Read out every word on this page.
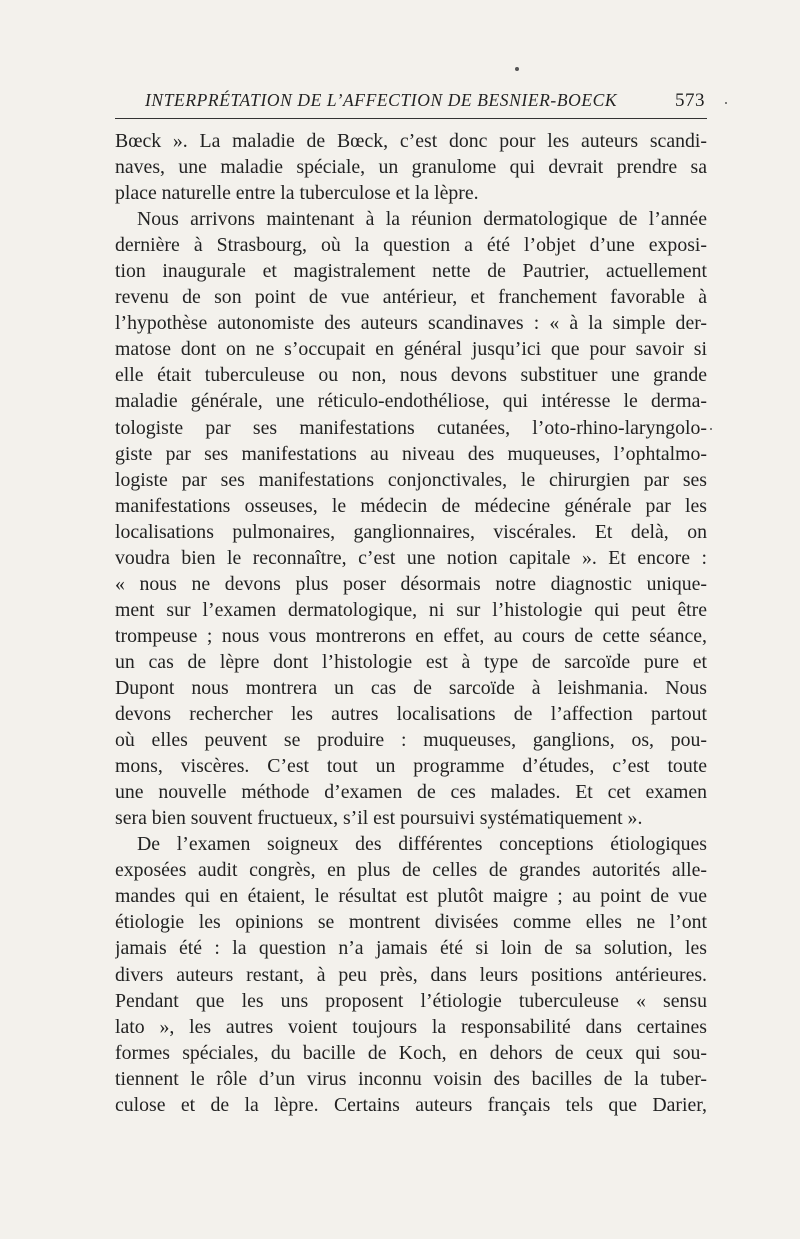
INTERPRÉTATION DE L’AFFECTION DE BESNIER-BOECK	573
Bœck ». La maladie de Bœck, c’est donc pour les auteurs scandi-
naves, une maladie spéciale, un granulome qui devrait prendre sa
place naturelle entre la tuberculose et la lèpre.
Nous arrivons maintenant à la réunion dermatologique de l’année
dernière à Strasbourg, où la question a été l’objet d’une exposi-
tion inaugurale et magistralement nette de Pautrier, actuellement
revenu de son point de vue antérieur, et franchement favorable à
l’hypothèse autonomiste des auteurs scandinaves : « à la simple der-
matose dont on ne s’occupait en général jusqu’ici que pour savoir si
elle était tuberculeuse ou non, nous devons substituer une grande
maladie générale, une réticulo-endothéliose, qui intéresse le derma-
tologiste par ses manifestations cutanées, l’oto-rhino-laryngolo-
giste par ses manifestations au niveau des muqueuses, l’ophtalmo-
logiste par ses manifestations conjonctivales, le chirurgien par ses
manifestations osseuses, le médecin de médecine générale par les
localisations pulmonaires, ganglionnaires, viscérales. Et delà, on
voudra bien le reconnaître, c’est une notion capitale ». Et encore :
« nous ne devons plus poser désormais notre diagnostic unique-
ment sur l’examen dermatologique, ni sur l’histologie qui peut être
trompeuse ; nous vous montrerons en effet, au cours de cette séance,
un cas de lèpre dont l’histologie est à type de sarcoïde pure et
Dupont nous montrera un cas de sarcoïde à leishmania. Nous
devons rechercher les autres localisations de l’affection partout
où elles peuvent se produire : muqueuses, ganglions, os, pou-
mons, viscères. C’est tout un programme d’études, c’est toute
une nouvelle méthode d’examen de ces malades. Et cet examen
sera bien souvent fructueux, s’il est poursuivi systématiquement ».
De l’examen soigneux des différentes conceptions étiologiques
exposées audit congrès, en plus de celles de grandes autorités alle-
mandes qui en étaient, le résultat est plutôt maigre ; au point de vue
étiologie les opinions se montrent divisées comme elles ne l’ont
jamais été : la question n’a jamais été si loin de sa solution, les
divers auteurs restant, à peu près, dans leurs positions antérieures.
Pendant que les uns proposent l’étiologie tuberculeuse « sensu
lato », les autres voient toujours la responsabilité dans certaines
formes spéciales, du bacille de Koch, en dehors de ceux qui sou-
tiennent le rôle d’un virus inconnu voisin des bacilles de la tuber-
culose et de la lèpre. Certains auteurs français tels que Darier,
